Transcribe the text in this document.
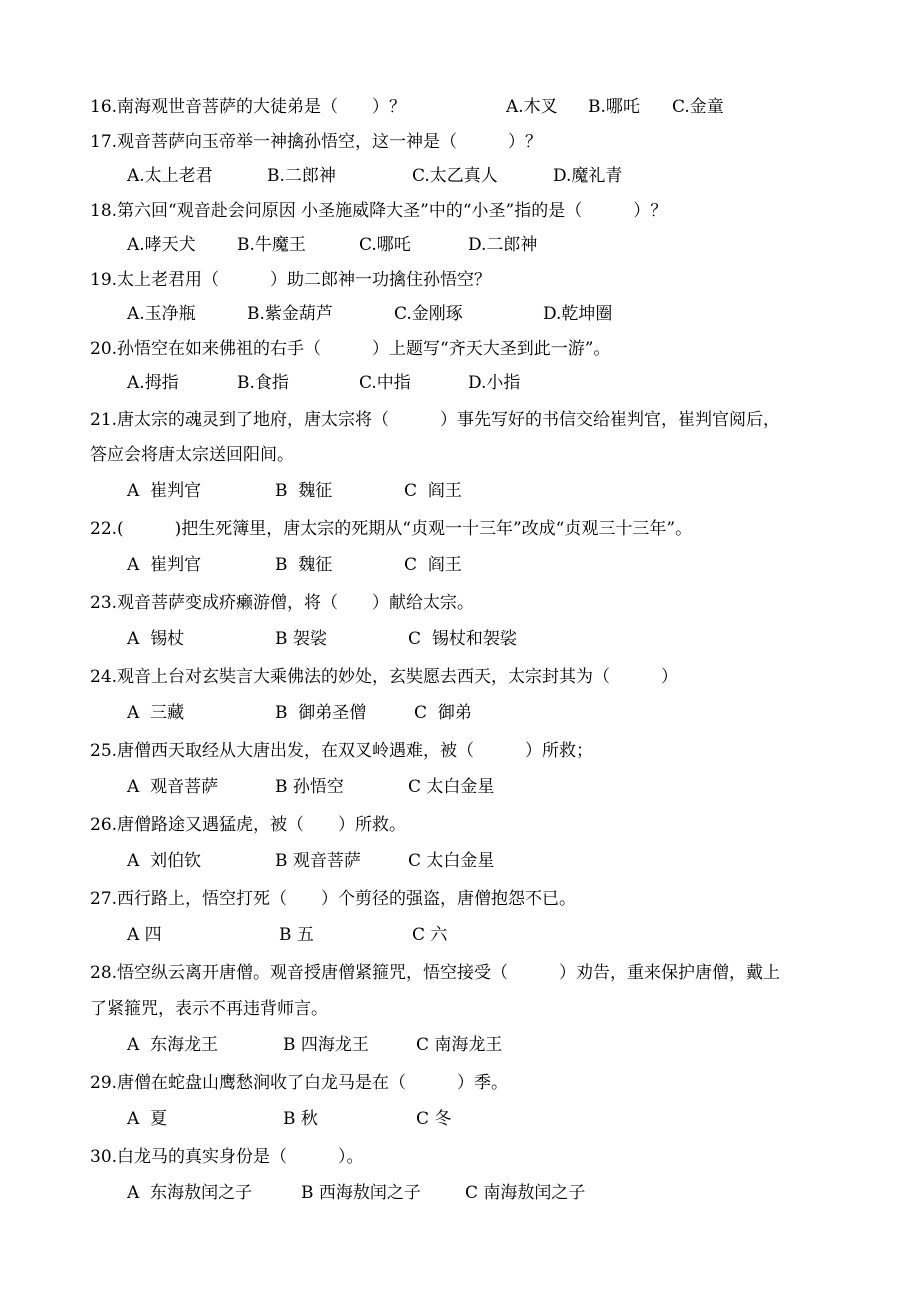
16.南海观世音菩萨的大徒弟是（　　）？	A.木叉 B.哪吒 C.金童
17.观音菩萨向玉帝举一神擒孙悟空，这一神是（　　　）？
A.太上老君	B.二郎神	C.太乙真人	D.魔礼青
18.第六回“观音赴会问原因 小圣施威降大圣”中的“小圣”指的是（　　　）？
A.哮天犬 B.牛魔王	C.哪吒	D.二郎神
19.太上老君用（　　　）助二郎神一功擒住孙悟空？
A.玉净瓶	B.紫金葫芦	C.金刚琢	D.乾坤圈
20.孙悟空在如来佛祖的右手（　　　）上题写“齐天大圣到此一游”。
A.拇指	B.食指	C.中指	D.小指
21.唐太宗的魂灵到了地府，唐太宗将（　　　）事先写好的书信交给崔判官，崔判官阅后，
答应会将唐太宗送回阳间。
A  崔判官	B  魏征	C  阎王
22.(　　　)把生死簿里，唐太宗的死期从“贞观一十三年”改成“贞观三十三年”。
A  崔判官	B  魏征	C  阎王
23.观音菩萨变成疥癞游僧，将（　　）献给太宗。
A  锡杖	B 袈裟	C  锡杖和袈裟
24.观音上台对玄奘言大乘佛法的妙处，玄奘愿去西天，太宗封其为（　　　）
A  三藏	B  御弟圣僧	C  御弟
25.唐僧西天取经从大唐出发，在双叉岭遇难，被（　　　）所救；
A  观音菩萨	B 孙悟空	C 太白金星
26.唐僧路途又遇猛虎，被（　　）所救。
A  刘伯钦	B 观音菩萨	C 太白金星
27.西行路上，悟空打死（　　）个剪径的强盗，唐僧抱怨不已。
A 四	B 五	C 六
28.悟空纵云离开唐僧。观音授唐僧紧箍咒，悟空接受（　　　）劝告，重来保护唐僧，戴上
了紧箍咒，表示不再违背师言。
A  东海龙王	B 四海龙王	C 南海龙王
29.唐僧在蛇盘山鹰愁涧收了白龙马是在（　　　）季。
A  夏	B 秋	C 冬
30.白龙马的真实身份是（　　　）。
A  东海敖闰之子	B 西海敖闰之子	C 南海敖闰之子
